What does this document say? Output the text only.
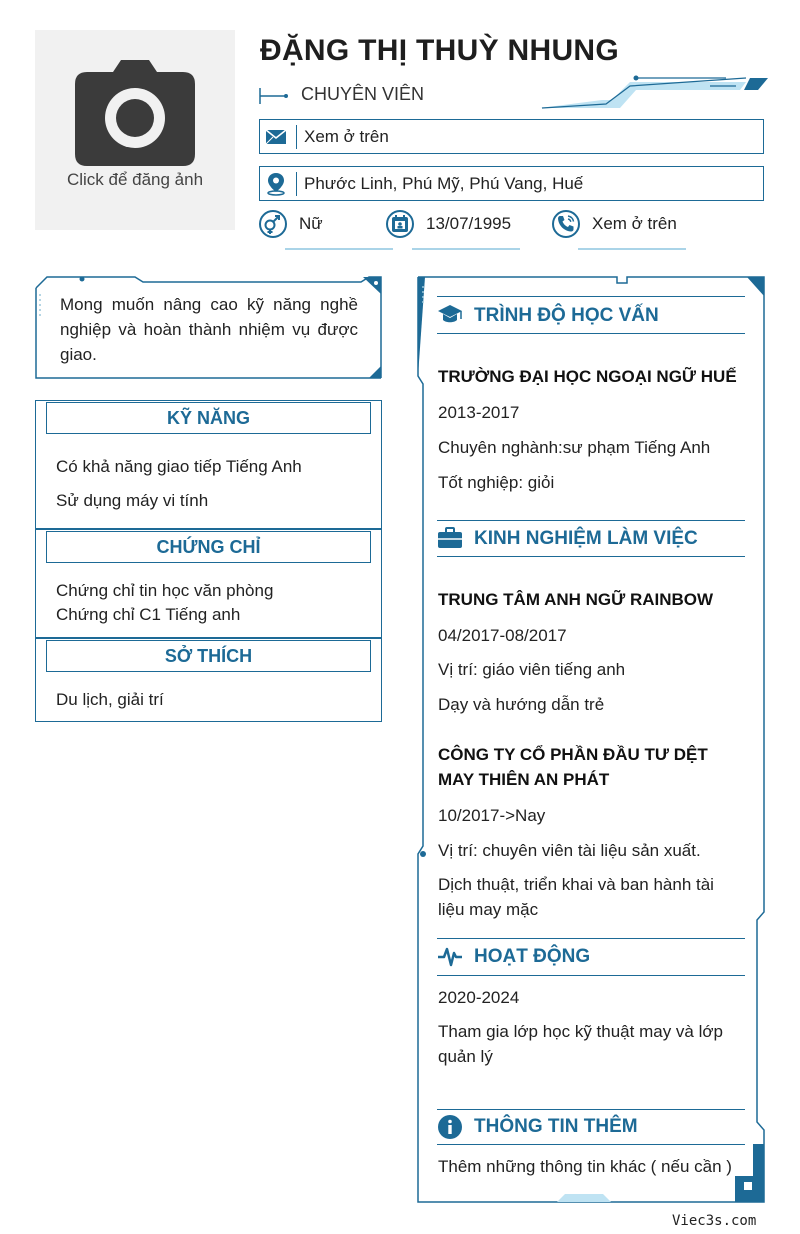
Click để đăng ảnh
ĐẶNG THỊ THUỲ NHUNG
CHUYÊN VIÊN
Xem ở trên
Phước Linh, Phú Mỹ, Phú Vang, Huế
Nữ	13/07/1995	Xem ở trên
Mong muốn nâng cao kỹ năng nghề nghiệp và hoàn thành nhiệm vụ được giao.
KỸ NĂNG
Có khả năng giao tiếp Tiếng Anh
Sử dụng máy vi tính
CHỨNG CHỈ
Chứng chỉ tin học văn phòng
Chứng chỉ C1 Tiếng anh
SỞ THÍCH
Du lịch, giải trí
TRÌNH ĐỘ HỌC VẤN
TRƯỜNG ĐẠI HỌC NGOẠI NGỮ HUẾ
2013-2017
Chuyên nghành:sư phạm Tiếng Anh
Tốt nghiệp: giỏi
KINH NGHIỆM LÀM VIỆC
TRUNG TÂM ANH NGỮ RAINBOW
04/2017-08/2017
Vị trí: giáo viên tiếng anh
Dạy và hướng dẫn trẻ
CÔNG TY CỔ PHẦN ĐẦU TƯ DỆT MAY THIÊN AN PHÁT
10/2017->Nay
Vị trí: chuyên viên tài liệu sản xuất.
Dịch thuật, triển khai và ban hành tài liệu may mặc
HOẠT ĐỘNG
2020-2024
Tham gia lớp học kỹ thuật may và lớp quản lý
THÔNG TIN THÊM
Thêm những thông tin khác ( nếu cần )
Viec3s.com
